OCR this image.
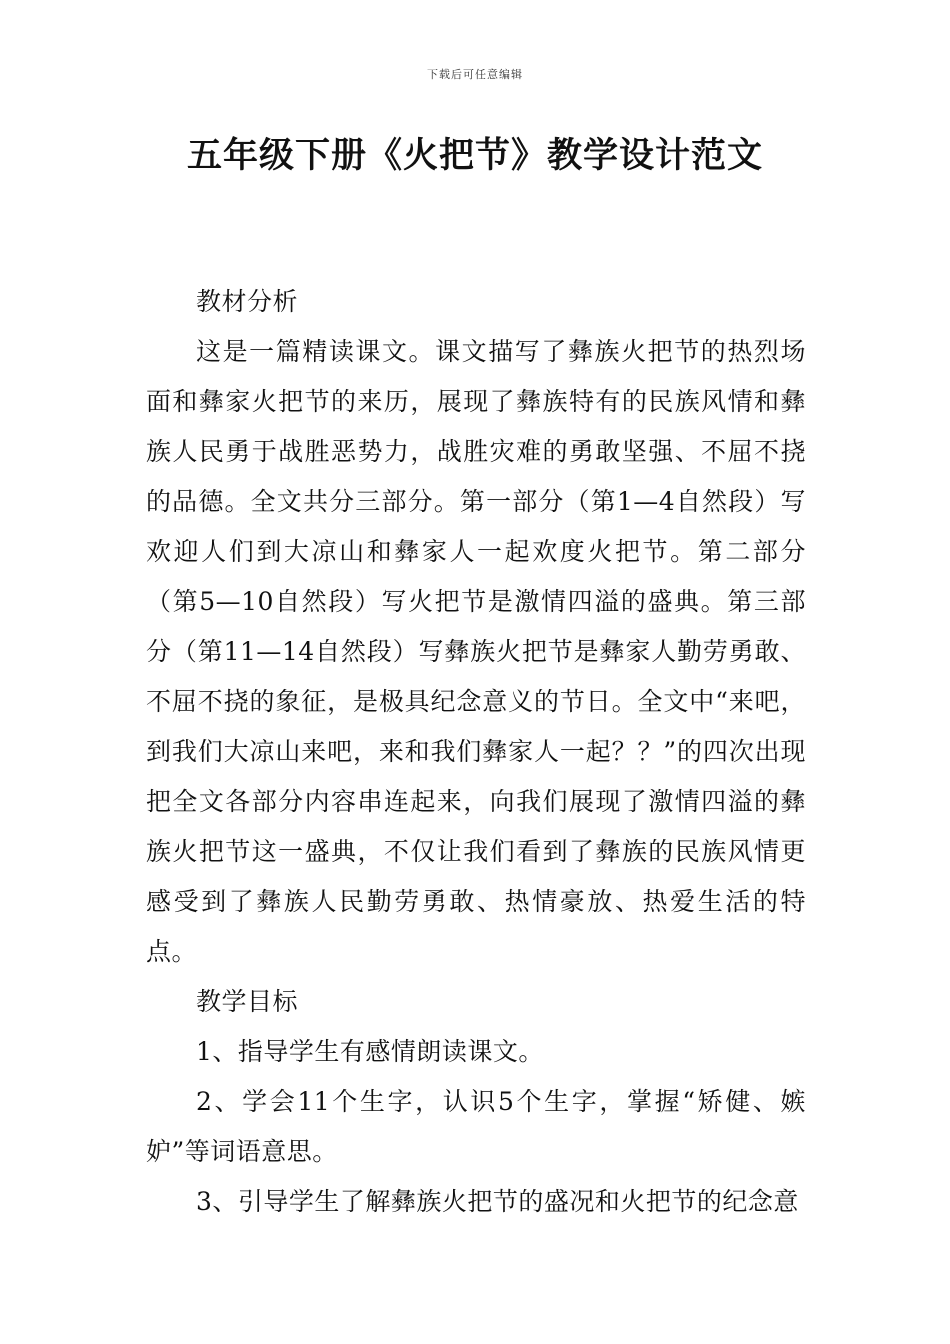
下载后可任意编辑
五年级下册《火把节》教学设计范文

教材分析

这是一篇精读课文。课文描写了彝族火把节的热烈场面和彝家火把节的来历，展现了彝族特有的民族风情和彝族人民勇于战胜恶势力，战胜灾难的勇敢坚强、不屈不挠的品德。全文共分三部分。第一部分（第1—4自然段）写欢迎人们到大凉山和彝家人一起欢度火把节。第二部分（第5—10自然段）写火把节是激情四溢的盛典。第三部分（第11—14自然段）写彝族火把节是彝家人勤劳勇敢、不屈不挠的象征，是极具纪念意义的节日。全文中“来吧，到我们大凉山来吧，来和我们彝家人一起？？”的四次出现把全文各部分内容串连起来，向我们展现了激情四溢的彝族火把节这一盛典，不仅让我们看到了彝族的民族风情更感受到了彝族人民勤劳勇敢、热情豪放、热爱生活的特点。

教学目标

1、指导学生有感情朗读课文。

2、学会11个生字，认识5个生字，掌握“矫健、嫉妒”等词语意思。

3、引导学生了解彝族火把节的盛况和火把节的纪念意
